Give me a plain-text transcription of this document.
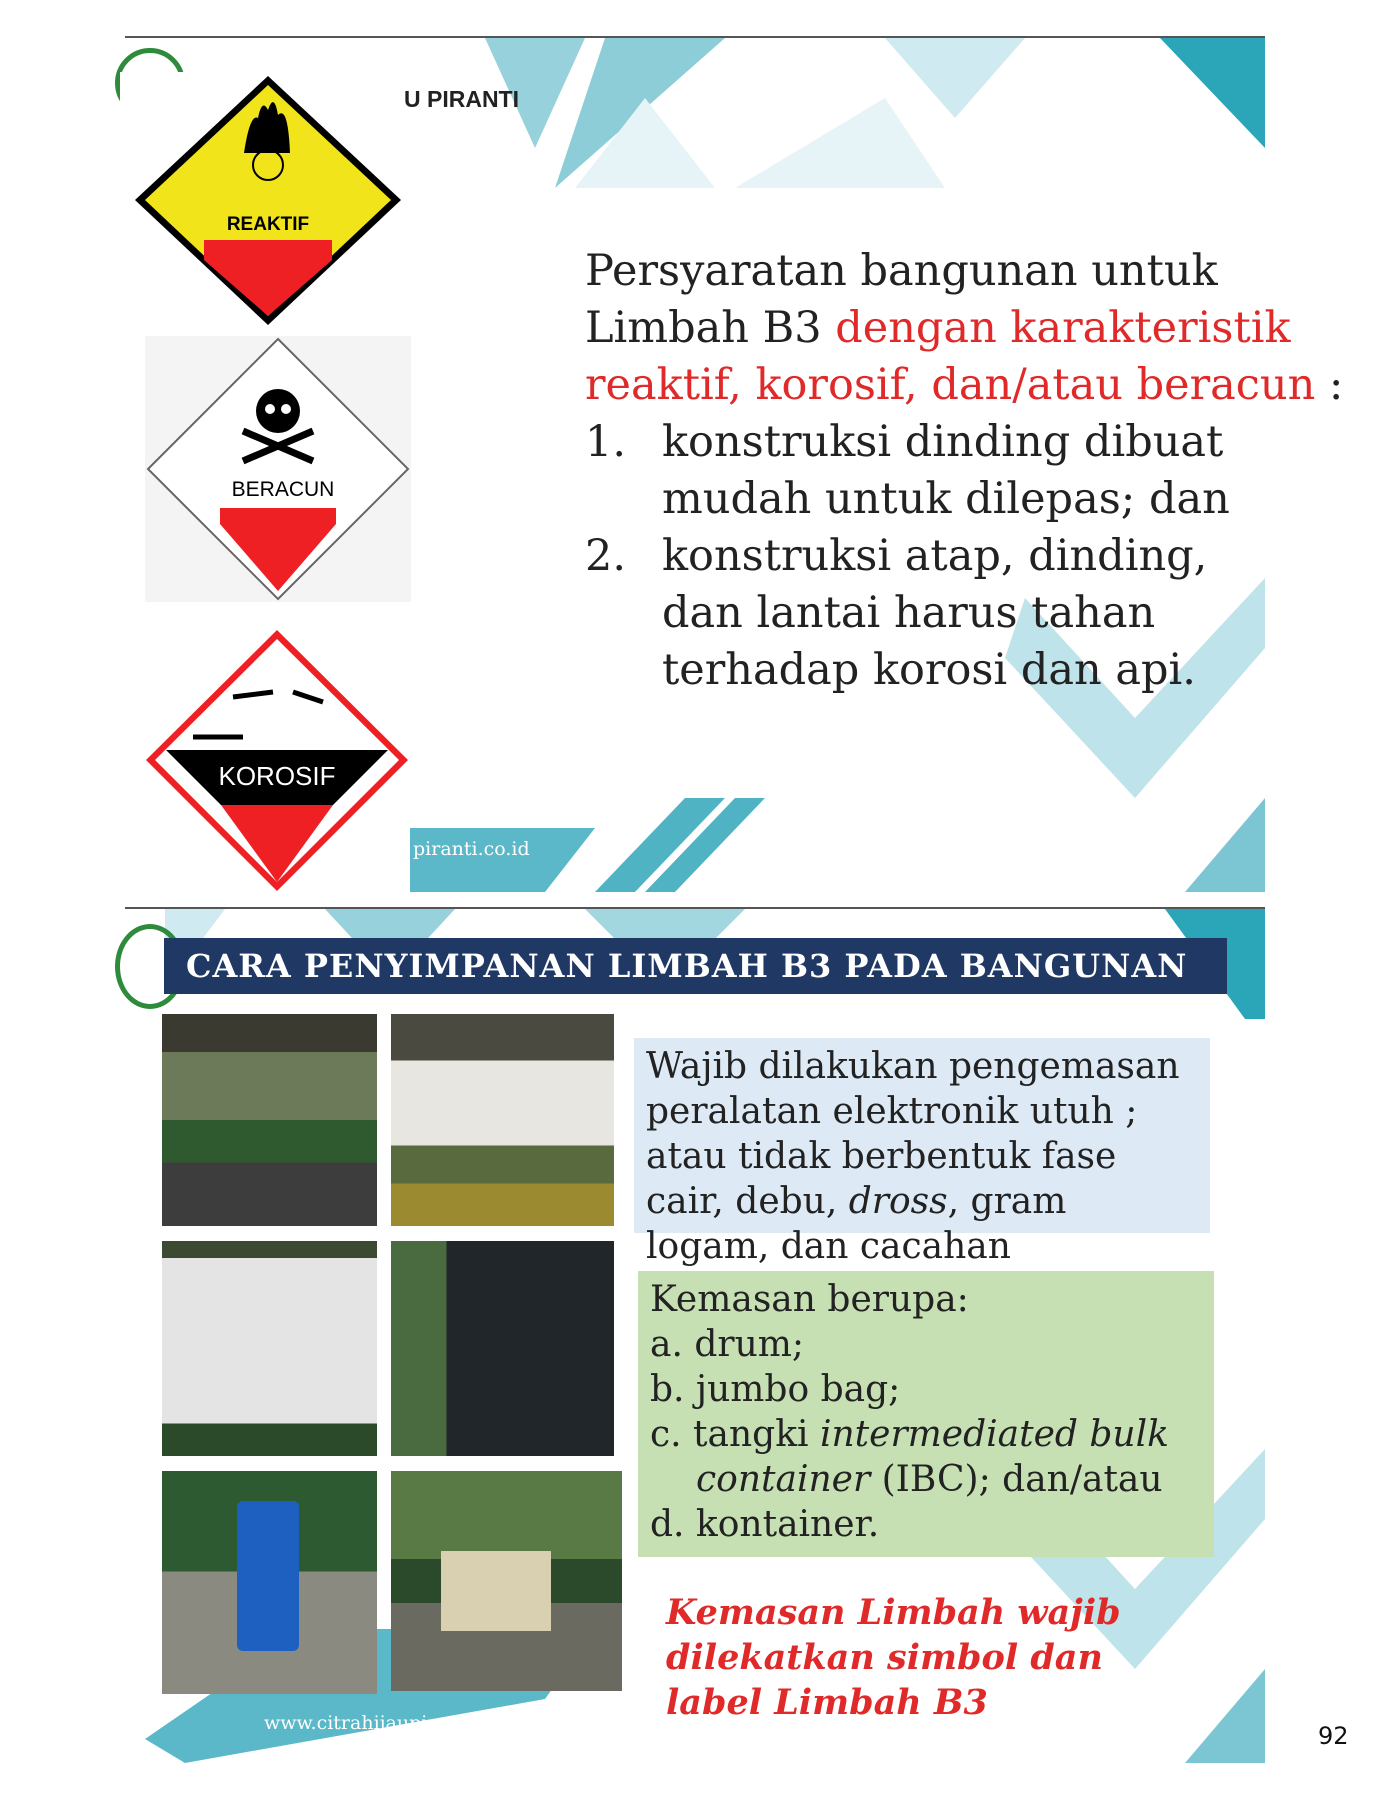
U PIRANTI
REAKTIF
BERACUN
KOROSIF
Persyaratan bangunan untuk Limbah B3 dengan karakteristik reaktif, korosif, dan/atau beracun :
1. konstruksi dinding dibuat mudah untuk dilepas; dan
2. konstruksi atap, dinding, dan lantai harus tahan terhadap korosi dan api.
piranti.co.id
CARA PENYIMPANAN LIMBAH B3 PADA BANGUNAN
Wajib dilakukan pengemasan peralatan elektronik utuh ; atau tidak berbentuk fase cair, debu, dross, gram logam, dan cacahan
Kemasan berupa:
a. drum;
b. jumbo bag;
c. tangki intermediated bulk
container (IBC); dan/atau
d. kontainer.
Kemasan Limbah wajib dilekatkan simbol dan label Limbah B3
www.citrahijaupiranti.co.id	92
